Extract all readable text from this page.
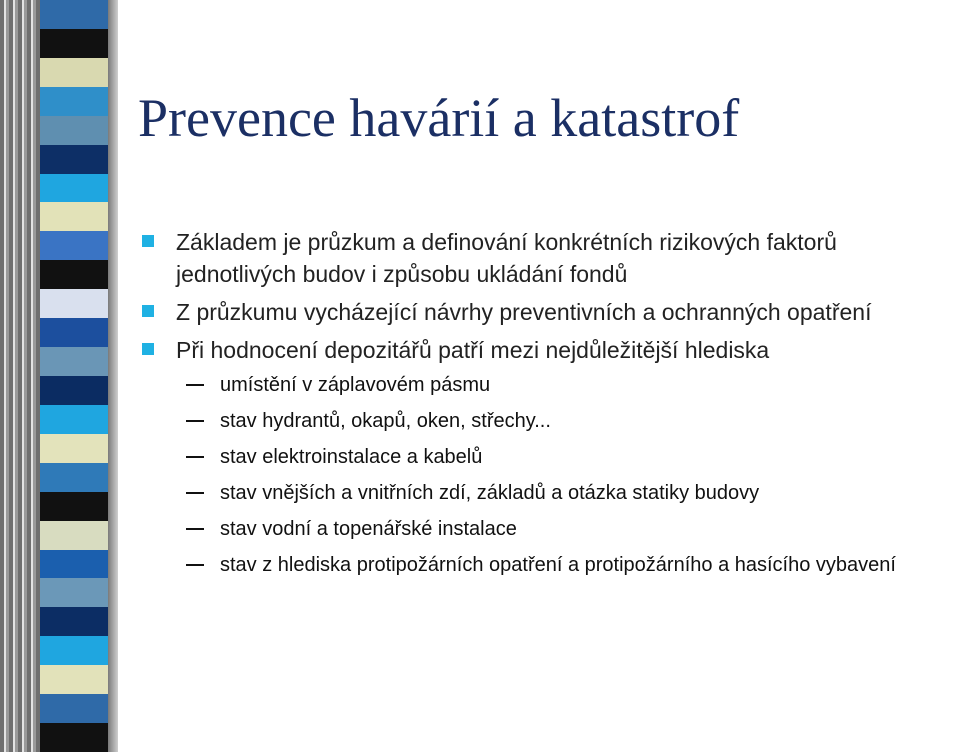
Prevence havárií a katastrof
Základem je průzkum a definování konkrétních rizikových faktorů jednotlivých budov i způsobu ukládání fondů
Z průzkumu vycházející návrhy preventivních a ochranných opatření
Při hodnocení depozitářů patří mezi nejdůležitější hlediska
umístění v záplavovém pásmu
stav hydrantů, okapů, oken, střechy...
stav elektroinstalace a kabelů
stav vnějších a vnitřních zdí, základů a otázka statiky budovy
stav vodní a topenářské instalace
stav z hlediska protipožárních opatření a protipožárního a hasícího vybavení
